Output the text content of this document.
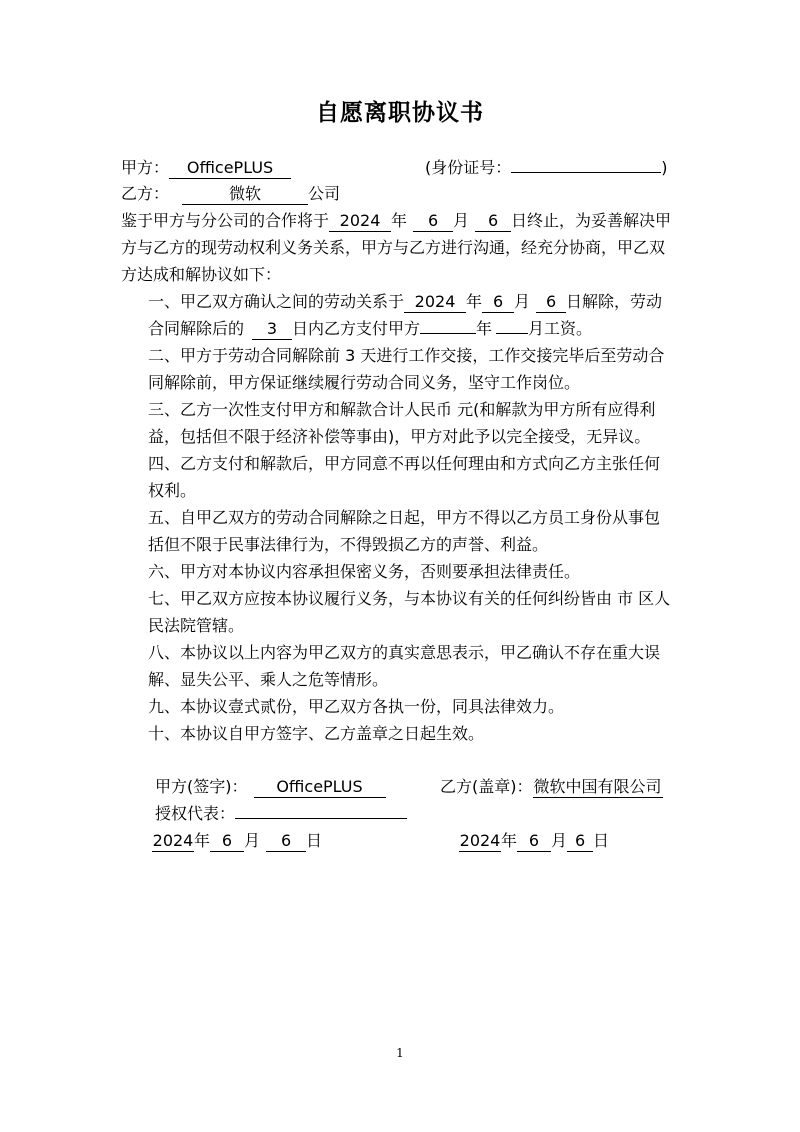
自愿离职协议书
甲方： OfficePLUS	(身份证号：	)
乙方：	微软	公司
鉴于甲方与分公司的合作将于 2024 年 6 月 6 日终止，为妥善解决甲
方与乙方的现劳动权利义务关系，甲方与乙方进行沟通，经充分协商，甲乙双
方达成和解协议如下：
一、甲乙双方确认之间的劳动关系于 2024 年 6 月 6 日解除，劳动
合同解除后的 3 日内乙方支付甲方	年 月工资。
二、甲方于劳动合同解除前 3 天进行工作交接，工作交接完毕后至劳动合
同解除前，甲方保证继续履行劳动合同义务，坚守工作岗位。
三、乙方一次性支付甲方和解款合计人民币 元(和解款为甲方所有应得利
益，包括但不限于经济补偿等事由)，甲方对此予以完全接受，无异议。
四、乙方支付和解款后，甲方同意不再以任何理由和方式向乙方主张任何
权利。
五、自甲乙双方的劳动合同解除之日起，甲方不得以乙方员工身份从事包
括但不限于民事法律行为，不得毁损乙方的声誉、利益。
六、甲方对本协议内容承担保密义务，否则要承担法律责任。
七、甲乙双方应按本协议履行义务，与本协议有关的任何纠纷皆由 市 区人
民法院管辖。
八、本协议以上内容为甲乙双方的真实意思表示，甲乙确认不存在重大误
解、显失公平、乘人之危等情形。
九、本协议壹式贰份，甲乙双方各执一份，同具法律效力。
十、本协议自甲方签字、乙方盖章之日起生效。
甲方(签字)： OfficePLUS	乙方(盖章)：微软中国有限公司
授权代表：
2024年 6 月 6 日	2024年 6 月 6 日
1
